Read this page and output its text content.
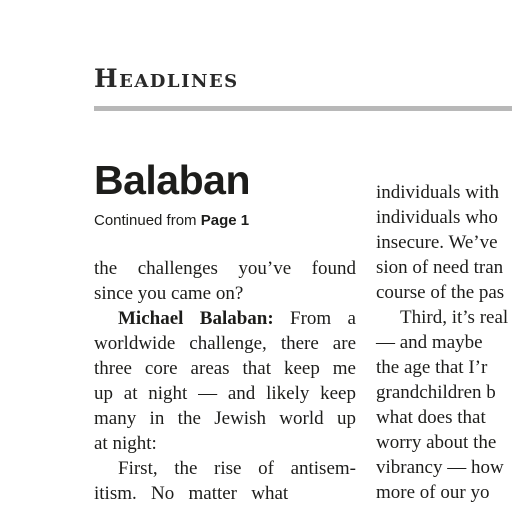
Headlines
Balaban
Continued from Page 1
the challenges you’ve found
since you came on?
Michael Balaban: From a
worldwide challenge, there are
three core areas that keep me
up at night — and likely keep
many in the Jewish world up
at night:
First, the rise of antisem-
itism.   No   matter   what
individuals with
individuals who
insecure. We’ve
sion of need tran
course of the pas
Third, it’s real
— and maybe
the age that I’r
grandchildren b
what does that
worry about the
vibrancy — how
more of our yo
